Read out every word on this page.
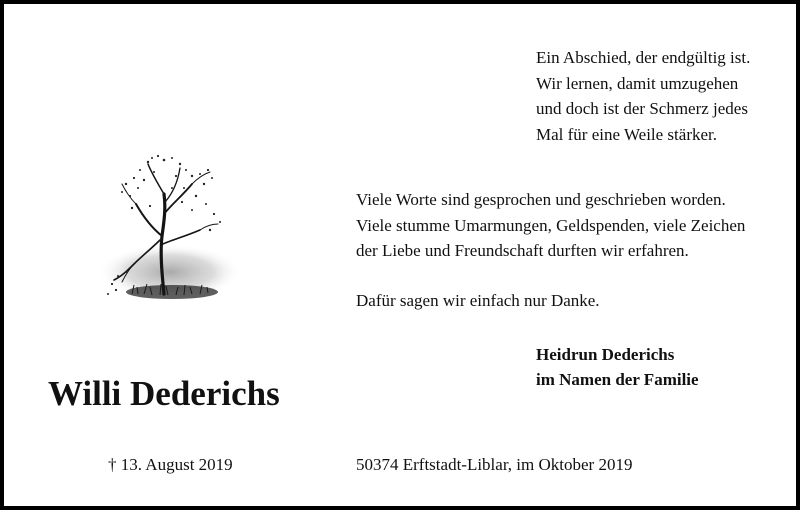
Ein Abschied, der endgültig ist.
Wir lernen, damit umzugehen
und doch ist der Schmerz jedes
Mal für eine Weile stärker.
Viele Worte sind gesprochen und geschrieben worden.
Viele stumme Umarmungen, Geldspenden, viele Zeichen
der Liebe und Freundschaft durften wir erfahren.
Dafür sagen wir einfach nur Danke.
Heidrun Dederichs
im Namen der Familie
Willi Dederichs
† 13. August 2019	50374 Erftstadt-Liblar, im Oktober 2019
